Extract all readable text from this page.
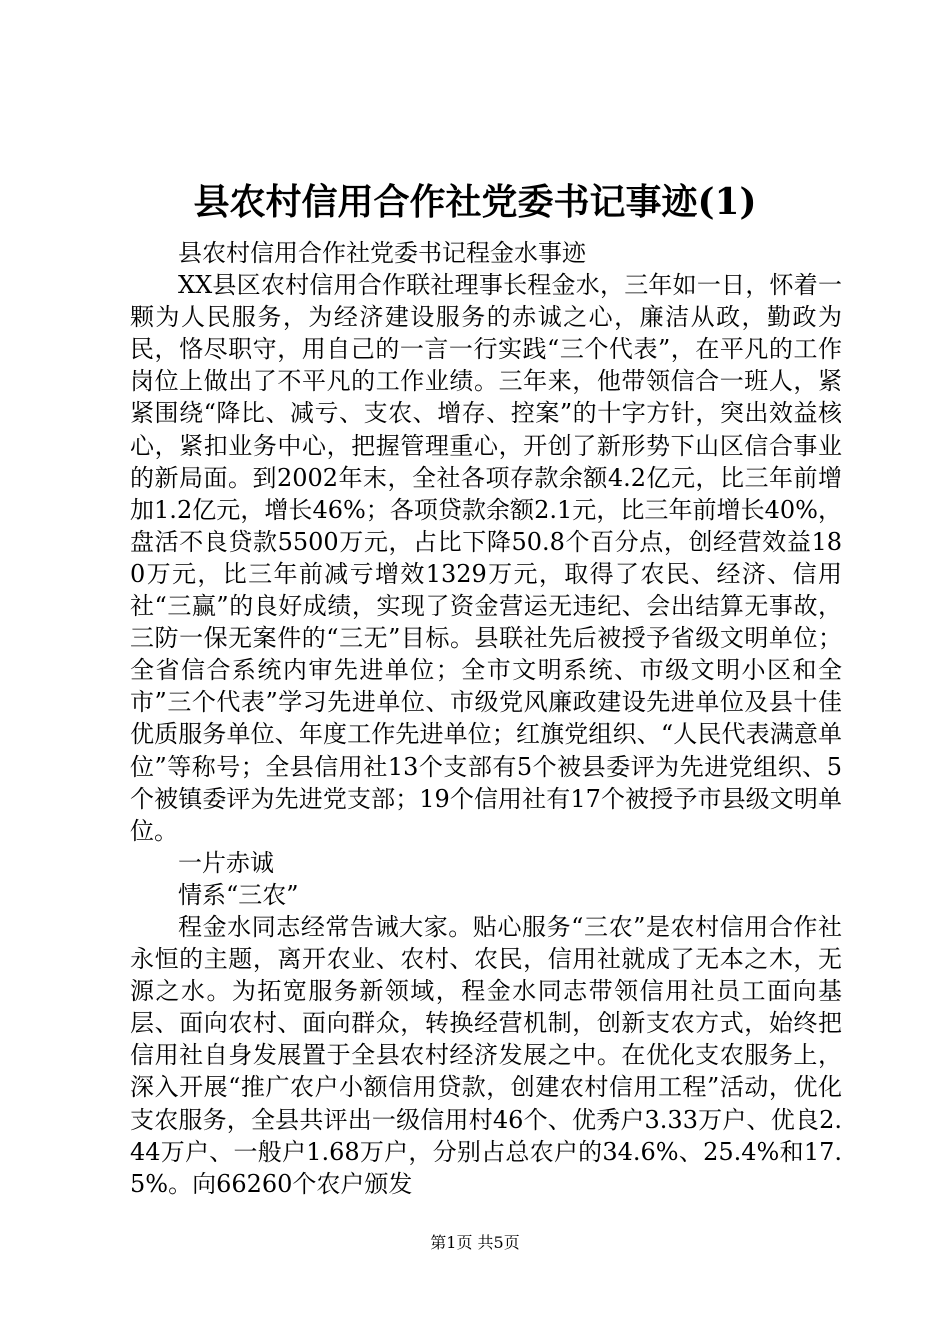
县农村信用合作社党委书记事迹(1)

县农村信用合作社党委书记程金水事迹

XX县区农村信用合作联社理事长程金水，三年如一日，怀着一颗为人民服务，为经济建设服务的赤诚之心，廉洁从政，勤政为民，恪尽职守，用自己的一言一行实践“三个代表”，在平凡的工作岗位上做出了不平凡的工作业绩。三年来，他带领信合一班人，紧紧围绕“降比、减亏、支农、增存、控案”的十字方针，突出效益核心，紧扣业务中心，把握管理重心，开创了新形势下山区信合事业的新局面。到2002年末，全社各项存款余额4.2亿元，比三年前增加1.2亿元，增长46%；各项贷款余额2.1元，比三年前增长40%，盘活不良贷款5500万元，占比下降50.8个百分点，创经营效益180万元，比三年前减亏增效1329万元，取得了农民、经济、信用社“三赢”的良好成绩，实现了资金营运无违纪、会出结算无事故，三防一保无案件的“三无”目标。县联社先后被授予省级文明单位；全省信合系统内审先进单位；全市文明系统、市级文明小区和全市”三个代表”学习先进单位、市级党风廉政建设先进单位及县十佳优质服务单位、年度工作先进单位；红旗党组织、“人民代表满意单位”等称号；全县信用社13个支部有5个被县委评为先进党组织、5个被镇委评为先进党支部；19个信用社有17个被授予市县级文明单位。

一片赤诚

情系“三农”

程金水同志经常告诫大家。贴心服务“三农”是农村信用合作社永恒的主题，离开农业、农村、农民，信用社就成了无本之木，无源之水。为拓宽服务新领域，程金水同志带领信用社员工面向基层、面向农村、面向群众，转换经营机制，创新支农方式，始终把信用社自身发展置于全县农村经济发展之中。在优化支农服务上，深入开展“推广农户小额信用贷款，创建农村信用工程”活动，优化支农服务，全县共评出一级信用村46个、优秀户3.33万户、优良2.44万户、一般户1.68万户，分别占总农户的34.6%、25.4%和17.5%。向66260个农户颁发

第1页 共5页
